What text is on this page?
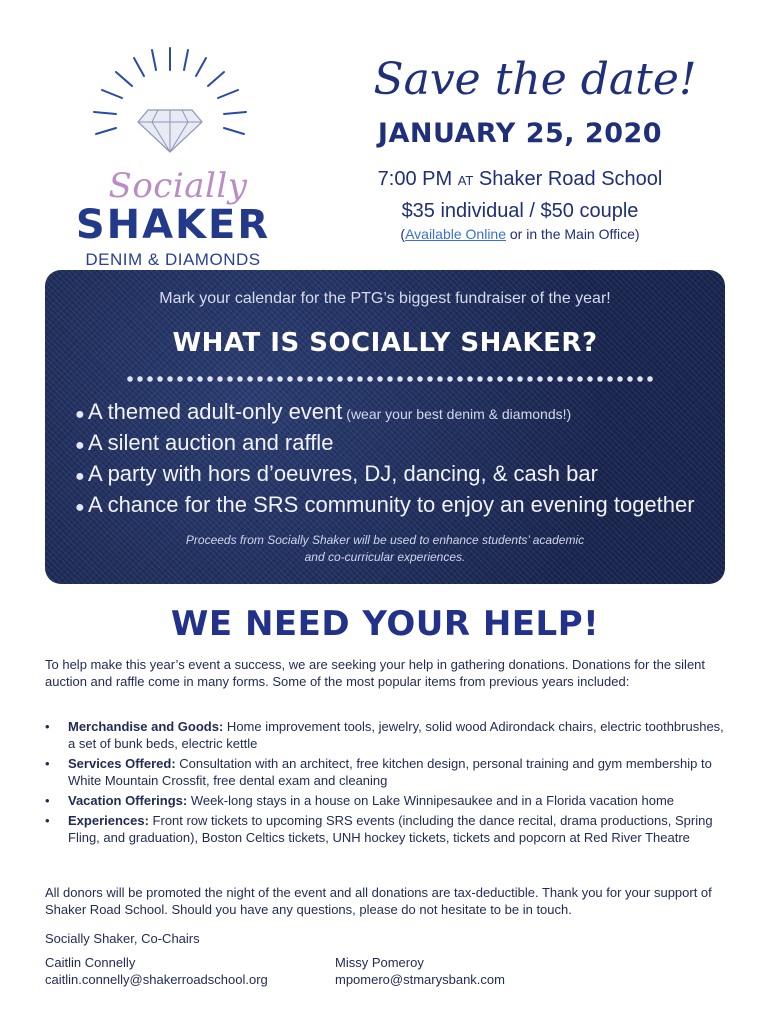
Socially
SHAKER
DENIM & DIAMONDS
Save the date!
JANUARY 25, 2020
7:00 PM AT Shaker Road School
$35 individual / $50 couple
(Available Online or in the Main Office)
Mark your calendar for the PTG’s biggest fundraiser of the year!
WHAT IS SOCIALLY SHAKER?
● A themed adult-only event (wear your best denim & diamonds!)
● A silent auction and raffle
● A party with hors d’oeuvres, DJ, dancing, & cash bar
● A chance for the SRS community to enjoy an evening together
Proceeds from Socially Shaker will be used to enhance students’ academic
and co-curricular experiences.
WE NEED YOUR HELP!
To help make this year’s event a success, we are seeking your help in gathering donations. Donations for the silent auction and raffle come in many forms. Some of the most popular items from previous years included:
• Merchandise and Goods: Home improvement tools, jewelry, solid wood Adirondack chairs, electric toothbrushes, a set of bunk beds, electric kettle
• Services Offered: Consultation with an architect, free kitchen design, personal training and gym membership to White Mountain Crossfit, free dental exam and cleaning
• Vacation Offerings: Week-long stays in a house on Lake Winnipesaukee and in a Florida vacation home
• Experiences: Front row tickets to upcoming SRS events (including the dance recital, drama productions, Spring Fling, and graduation), Boston Celtics tickets, UNH hockey tickets, tickets and popcorn at Red River Theatre
All donors will be promoted the night of the event and all donations are tax-deductible. Thank you for your support of Shaker Road School. Should you have any questions, please do not hesitate to be in touch.
Socially Shaker, Co-Chairs
Caitlin Connelly
caitlin.connelly@shakerroadschool.org
Missy Pomeroy
mpomero@stmarysbank.com
